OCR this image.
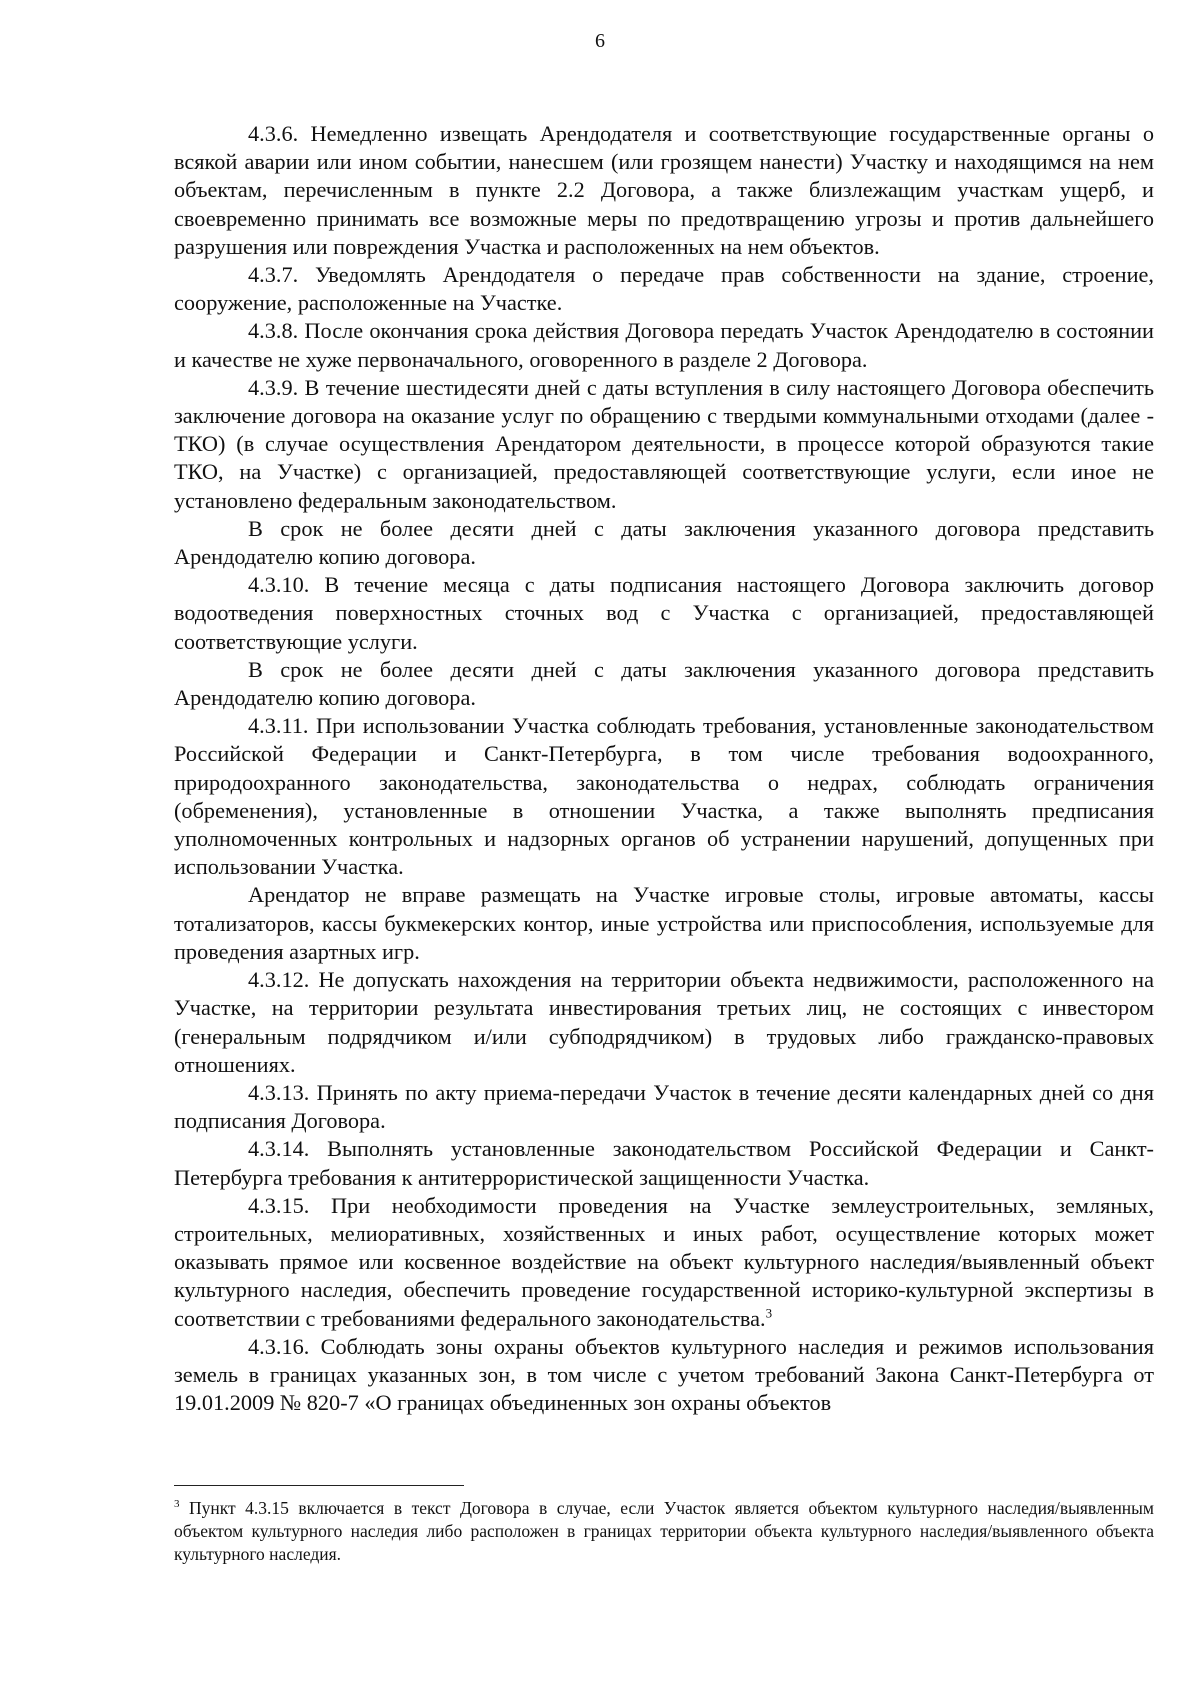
6

4.3.6. Немедленно извещать Арендодателя и соответствующие государственные органы о всякой аварии или ином событии, нанесшем (или грозящем нанести) Участку и находящимся на нем объектам, перечисленным в пункте 2.2 Договора, а также близлежащим участкам ущерб, и своевременно принимать все возможные меры по предотвращению угрозы и против дальнейшего разрушения или повреждения Участка и расположенных на нем объектов.

4.3.7. Уведомлять Арендодателя о передаче прав собственности на здание, строение, сооружение, расположенные на Участке.

4.3.8. После окончания срока действия Договора передать Участок Арендодателю в состоянии и качестве не хуже первоначального, оговоренного в разделе 2 Договора.

4.3.9. В течение шестидесяти дней с даты вступления в силу настоящего Договора обеспечить заключение договора на оказание услуг по обращению с твердыми коммунальными отходами (далее - ТКО) (в случае осуществления Арендатором деятельности, в процессе которой образуются такие ТКО, на Участке) с организацией, предоставляющей соответствующие услуги, если иное не установлено федеральным законодательством.

В срок не более десяти дней с даты заключения указанного договора представить Арендодателю копию договора.

4.3.10. В течение месяца с даты подписания настоящего Договора заключить договор водоотведения поверхностных сточных вод с Участка с организацией, предоставляющей соответствующие услуги.

В срок не более десяти дней с даты заключения указанного договора представить Арендодателю копию договора.

4.3.11. При использовании Участка соблюдать требования, установленные законодательством Российской Федерации и Санкт-Петербурга, в том числе требования водоохранного, природоохранного законодательства, законодательства о недрах, соблюдать ограничения (обременения), установленные в отношении Участка, а также выполнять предписания уполномоченных контрольных и надзорных органов об устранении нарушений, допущенных при использовании Участка.

Арендатор не вправе размещать на Участке игровые столы, игровые автоматы, кассы тотализаторов, кассы букмекерских контор, иные устройства или приспособления, используемые для проведения азартных игр.

4.3.12. Не допускать нахождения на территории объекта недвижимости, расположенного на Участке, на территории результата инвестирования третьих лиц, не состоящих с инвестором (генеральным подрядчиком и/или субподрядчиком) в трудовых либо гражданско-правовых отношениях.

4.3.13. Принять по акту приема-передачи Участок в течение десяти календарных дней со дня подписания Договора.

4.3.14. Выполнять установленные законодательством Российской Федерации и Санкт-Петербурга требования к антитеррористической защищенности Участка.

4.3.15. При необходимости проведения на Участке землеустроительных, земляных, строительных, мелиоративных, хозяйственных и иных работ, осуществление которых может оказывать прямое или косвенное воздействие на объект культурного наследия/выявленный объект культурного наследия, обеспечить проведение государственной историко-культурной экспертизы в соответствии с требованиями федерального законодательства.$^3$

4.3.16. Соблюдать зоны охраны объектов культурного наследия и режимов использования земель в границах указанных зон, в том числе с учетом требований Закона Санкт-Петербурга от 19.01.2009 № 820-7 «О границах объединенных зон охраны объектов

$^3$ Пункт 4.3.15 включается в текст Договора в случае, если Участок является объектом культурного наследия/выявленным объектом культурного наследия либо расположен в границах территории объекта культурного наследия/выявленного объекта культурного наследия.
